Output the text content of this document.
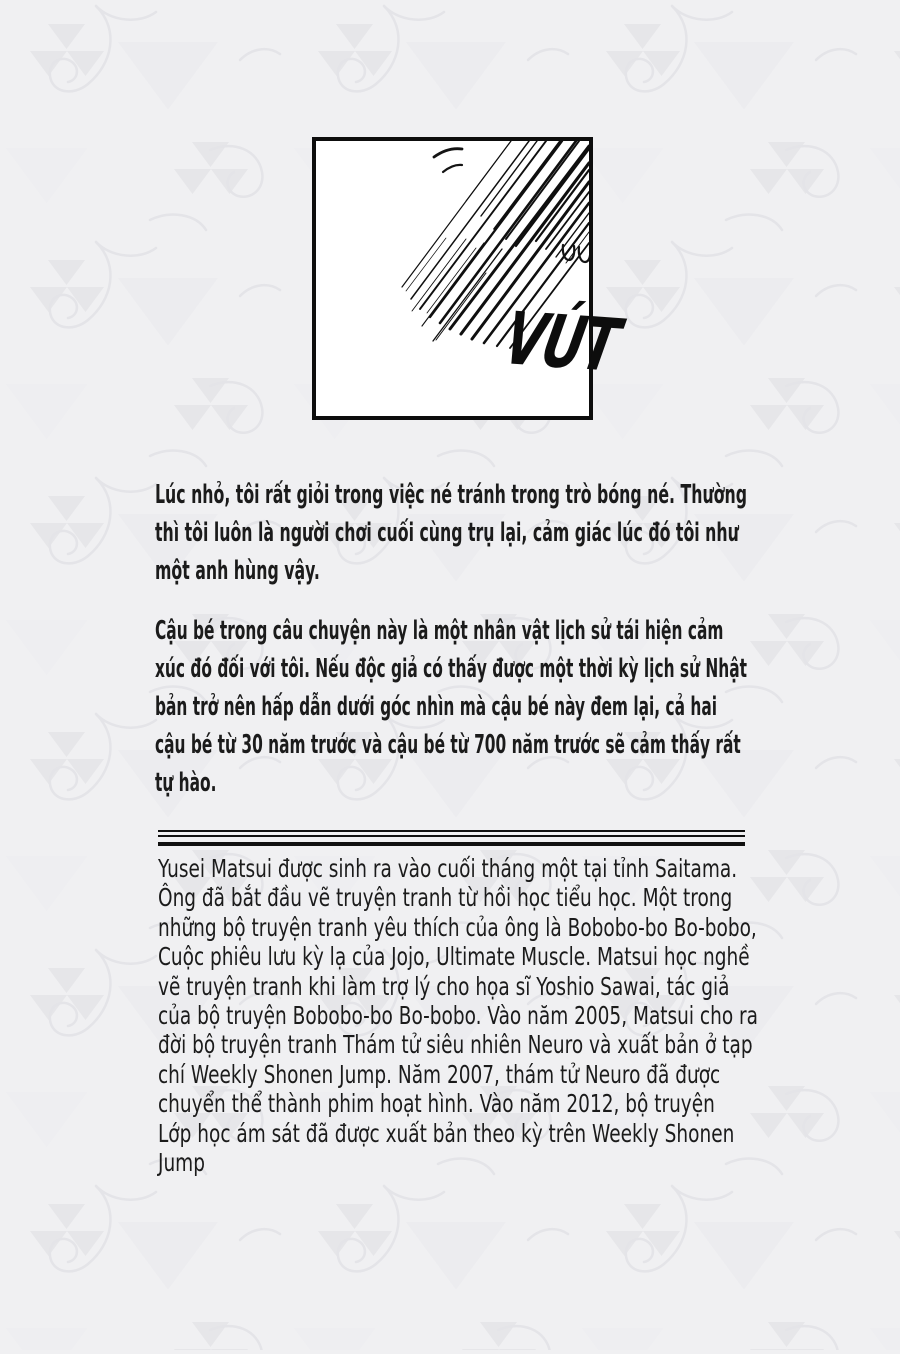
VÚT
Lúc nhỏ, tôi rất giỏi trong việc né tránh trong trò bóng né. Thường
thì tôi luôn là người chơi cuối cùng trụ lại, cảm giác lúc đó tôi như
một anh hùng vậy.
Cậu bé trong câu chuyện này là một nhân vật lịch sử tái hiện cảm
xúc đó đối với tôi. Nếu độc giả có thấy được một thời kỳ lịch sử Nhật
bản trở nên hấp dẫn dưới góc nhìn mà cậu bé này đem lại, cả hai
cậu bé từ 30 năm trước và cậu bé từ 700 năm trước sẽ cảm thấy rất
tự hào.
Yusei Matsui được sinh ra vào cuối tháng một tại tỉnh Saitama.
Ông đã bắt đầu vẽ truyện tranh từ hồi học tiểu học. Một trong
những bộ truyện tranh yêu thích của ông là Bobobo-bo Bo-bobo,
Cuộc phiêu lưu kỳ lạ của Jojo, Ultimate Muscle. Matsui học nghề
vẽ truyện tranh khi làm trợ lý cho họa sĩ Yoshio Sawai, tác giả
của bộ truyện Bobobo-bo Bo-bobo. Vào năm 2005, Matsui cho ra
đời bộ truyện tranh Thám tử siêu nhiên Neuro và xuất bản ở tạp
chí Weekly Shonen Jump. Năm 2007, thám tử Neuro đã được
chuyển thể thành phim hoạt hình. Vào năm 2012, bộ truyện
Lớp học ám sát đã được xuất bản theo kỳ trên Weekly Shonen
Jump
